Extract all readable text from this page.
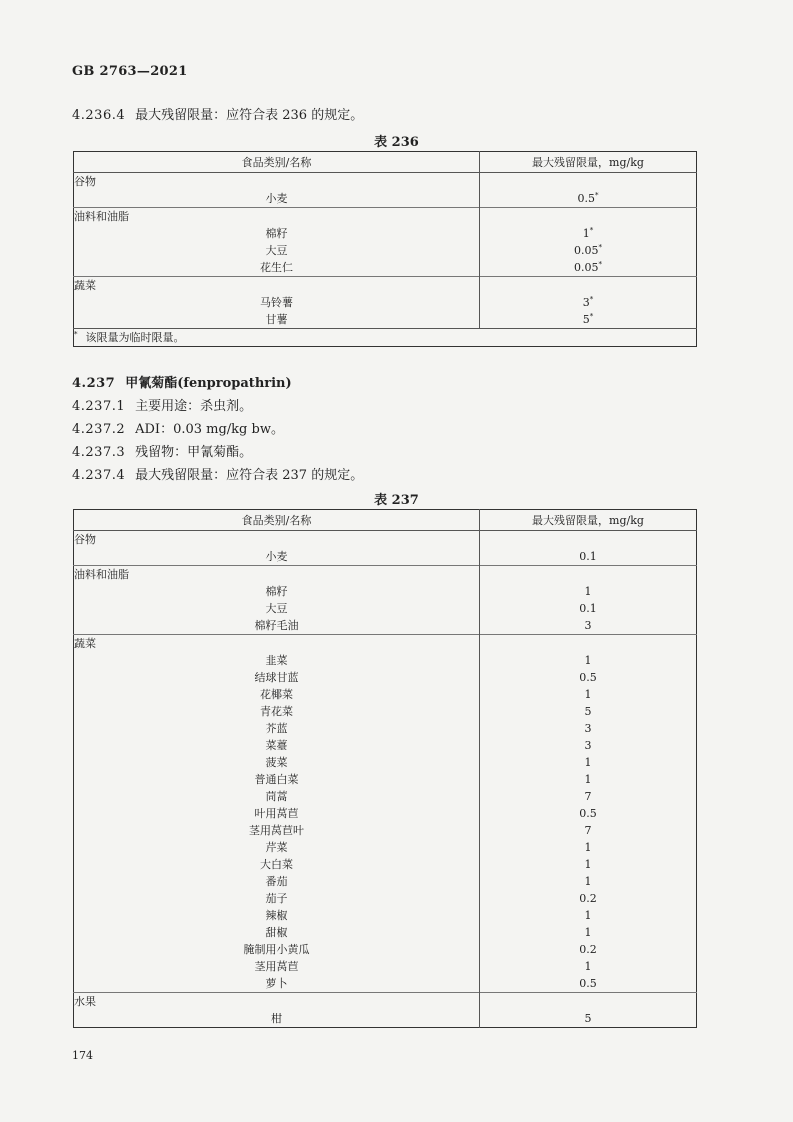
GB 2763—2021
4.236.4 最大残留限量：应符合表 236 的规定。
表 236
食品类别/名称	最大残留限量，mg/kg
谷物	
小麦	0.5*
油料和油脂	
棉籽	1*
大豆	0.05*
花生仁	0.05*
蔬菜	
马铃薯	3*
甘薯	5*
* 该限量为临时限量。	
4.237 甲氰菊酯(fenpropathrin)
4.237.1 主要用途：杀虫剂。
4.237.2 ADI：0.03 mg/kg bw。
4.237.3 残留物：甲氰菊酯。
4.237.4 最大残留限量：应符合表 237 的规定。
表 237
食品类别/名称	最大残留限量，mg/kg
谷物	
小麦	0.1
油料和油脂	
棉籽	1
大豆	0.1
棉籽毛油	3
蔬菜	
韭菜	1
结球甘蓝	0.5
花椰菜	1
青花菜	5
芥蓝	3
菜薹	3
菠菜	1
普通白菜	1
茼蒿	7
叶用莴苣	0.5
茎用莴苣叶	7
芹菜	1
大白菜	1
番茄	1
茄子	0.2
辣椒	1
甜椒	1
腌制用小黄瓜	0.2
茎用莴苣	1
萝卜	0.5
水果	
柑	5
174
